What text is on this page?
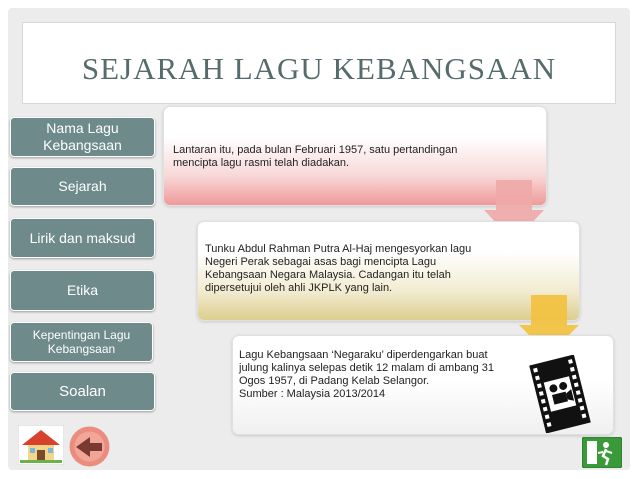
SEJARAH LAGU KEBANGSAAN
Nama Lagu Kebangsaan
Sejarah
Lirik dan maksud
Etika
Kepentingan Lagu Kebangsaan
Soalan

Lantaran itu, pada bulan Februari 1957, satu pertandingan mencipta lagu rasmi telah diadakan.

Tunku Abdul Rahman Putra Al-Haj mengesyorkan lagu Negeri Perak sebagai asas bagi mencipta Lagu Kebangsaan Negara Malaysia. Cadangan itu telah dipersetujui oleh ahli JKPLK yang lain.

Lagu Kebangsaan ‘Negaraku’ diperdengarkan buat julung kalinya selepas detik 12 malam di ambang 31 Ogos 1957, di Padang Kelab Selangor.

Sumber : Malaysia 2013/2014
